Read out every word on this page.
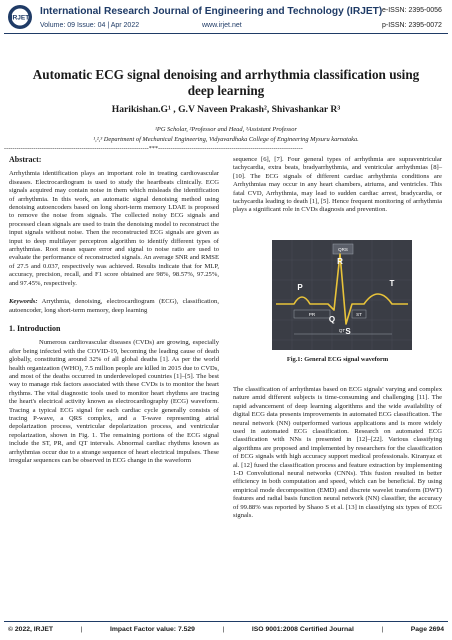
IRJET
International Research Journal of Engineering and Technology (IRJET) e-ISSN: 2395-0056
Volume: 09 Issue: 04 | Apr 2022	www.irjet.net	p-ISSN: 2395-0072
Automatic ECG signal denoising and arrhythmia classification using deep learning
Harikishan.G¹ , G.V Naveen Prakash², Shivashankar R³
¹PG Scholar, ²Professor and Head, ³Assistant Professor
¹,²,³ Department of Mechanical Engineering, Vidyavardhaka College of Engineering Mysuru karnataka.
---------------------------------------------------------------------***---------------------------------------------------------------------
Abstract:

Arrhythmia identification plays an important role in treating cardiovascular diseases. Electrocardiogram is used to study the heartbeats clinically. ECG signals acquired may contain noise in them which misleads the identification of arrhythmia. In this work, an automatic signal denoising method using denoising autoencoders based on long short-term memory LDAE is proposed to remove the noise from signals. The collected noisy ECG signals and processed clean signals are used to train the denoising model to reconstruct the input signals without noise. Then the reconstructed ECG signals are given as input to deep multilayer perceptron algorithm to identify different types of arrhythmias. Root mean square error and signal to noise ratio are used to evaluate the performance of reconstructed signals. An average SNR and RMSE of 27.5 and 0.037, respectively was achieved. Results indicate that for MLP, accuracy, precision, recall, and F1 score obtained are 98%, 98.57%, 97.25%, and 97.45%, respectively.

Keywords: Arrythmia, denoising, electrocardiogram (ECG), classification, autoencoder, long short-term memory, deep learning

1. Introduction

Numerous cardiovascular diseases (CVDs) are growing, especially after being infected with the COVID-19, becoming the leading cause of death globally, constituting around 32% of all global deaths [1]. As per the world health organization (WHO), 7.5 million people are killed in 2015 due to CVDs, and most of the deaths occurred in underdeveloped countries [1]–[5]. The best way to manage risk factors associated with these CVDs is to monitor the heart rhythms. The vital diagnostic tools used to monitor heart rhythms are tracing the heart's electrical activity known as electrocardiography (ECG) waveform. Tracing a typical ECG signal for each cardiac cycle generally consists of tracing P-wave, a QRS complex, and a T-wave representing atrial depolarization process, ventricular depolarization process, and ventricular repolarization, shown in Fig. 1. The remaining portions of the ECG signal include the ST, PR, and QT intervals. Abnormal cardiac rhythms known as arrhythmias occur due to a strange sequence of heart electrical impulses. These irregular sequences can be observed in ECG change in the waveform

sequence [6], [7]. Four general types of arrhythmia are supraventricular tachycardia, extra beats, bradyarrhythmia, and ventricular arrhythmias [8]–[10]. The ECG signals of different cardiac arrhythmia conditions are Arrhythmias may occur in any heart chambers, atriums, and ventricles. This fatal CVD, Arrhythmia, may lead to sudden cardiac arrest, bradycardia, or tachycardia leading to death [1], [5]. Hence frequent monitoring of arrhythmia plays a significant role in CVDs diagnosis and prevention.

QRS
PR	ST
QT
R
P
Q
S
T
Fig.1: General ECG signal waveform

The classification of arrhythmias based on ECG signals' varying and complex nature amid different subjects is time-consuming and challenging [11]. The rapid advancement of deep learning algorithms and the wide availability of digital ECG data presents improvements in automated ECG classification. The neural network (NN) outperformed various applications and is more widely used in automated ECG classification. Research on automated ECG classification with NNs is presented in [12]–[22]. Various classifying algorithms are proposed and implemented by researchers for the classification of ECG signals with high accuracy support medical professionals. Kiranyaz et al. [12] fused the classification process and feature extraction by implementing 1-D Convolutional neural networks (CNNs). This fusion resulted in better efficiency in both computation and speed, which can be beneficial. By using empirical mode decomposition (EMD) and discrete wavelet transform (DWT) features and radial basis function neural network (NN) classifier, the accuracy of 99.88% was reported by Shaoo S et al. [13] in classifying six types of ECG signals.

© 2022, IRJET	|	Impact Factor value: 7.529	|	ISO 9001:2008 Certified Journal	|	Page 2694
